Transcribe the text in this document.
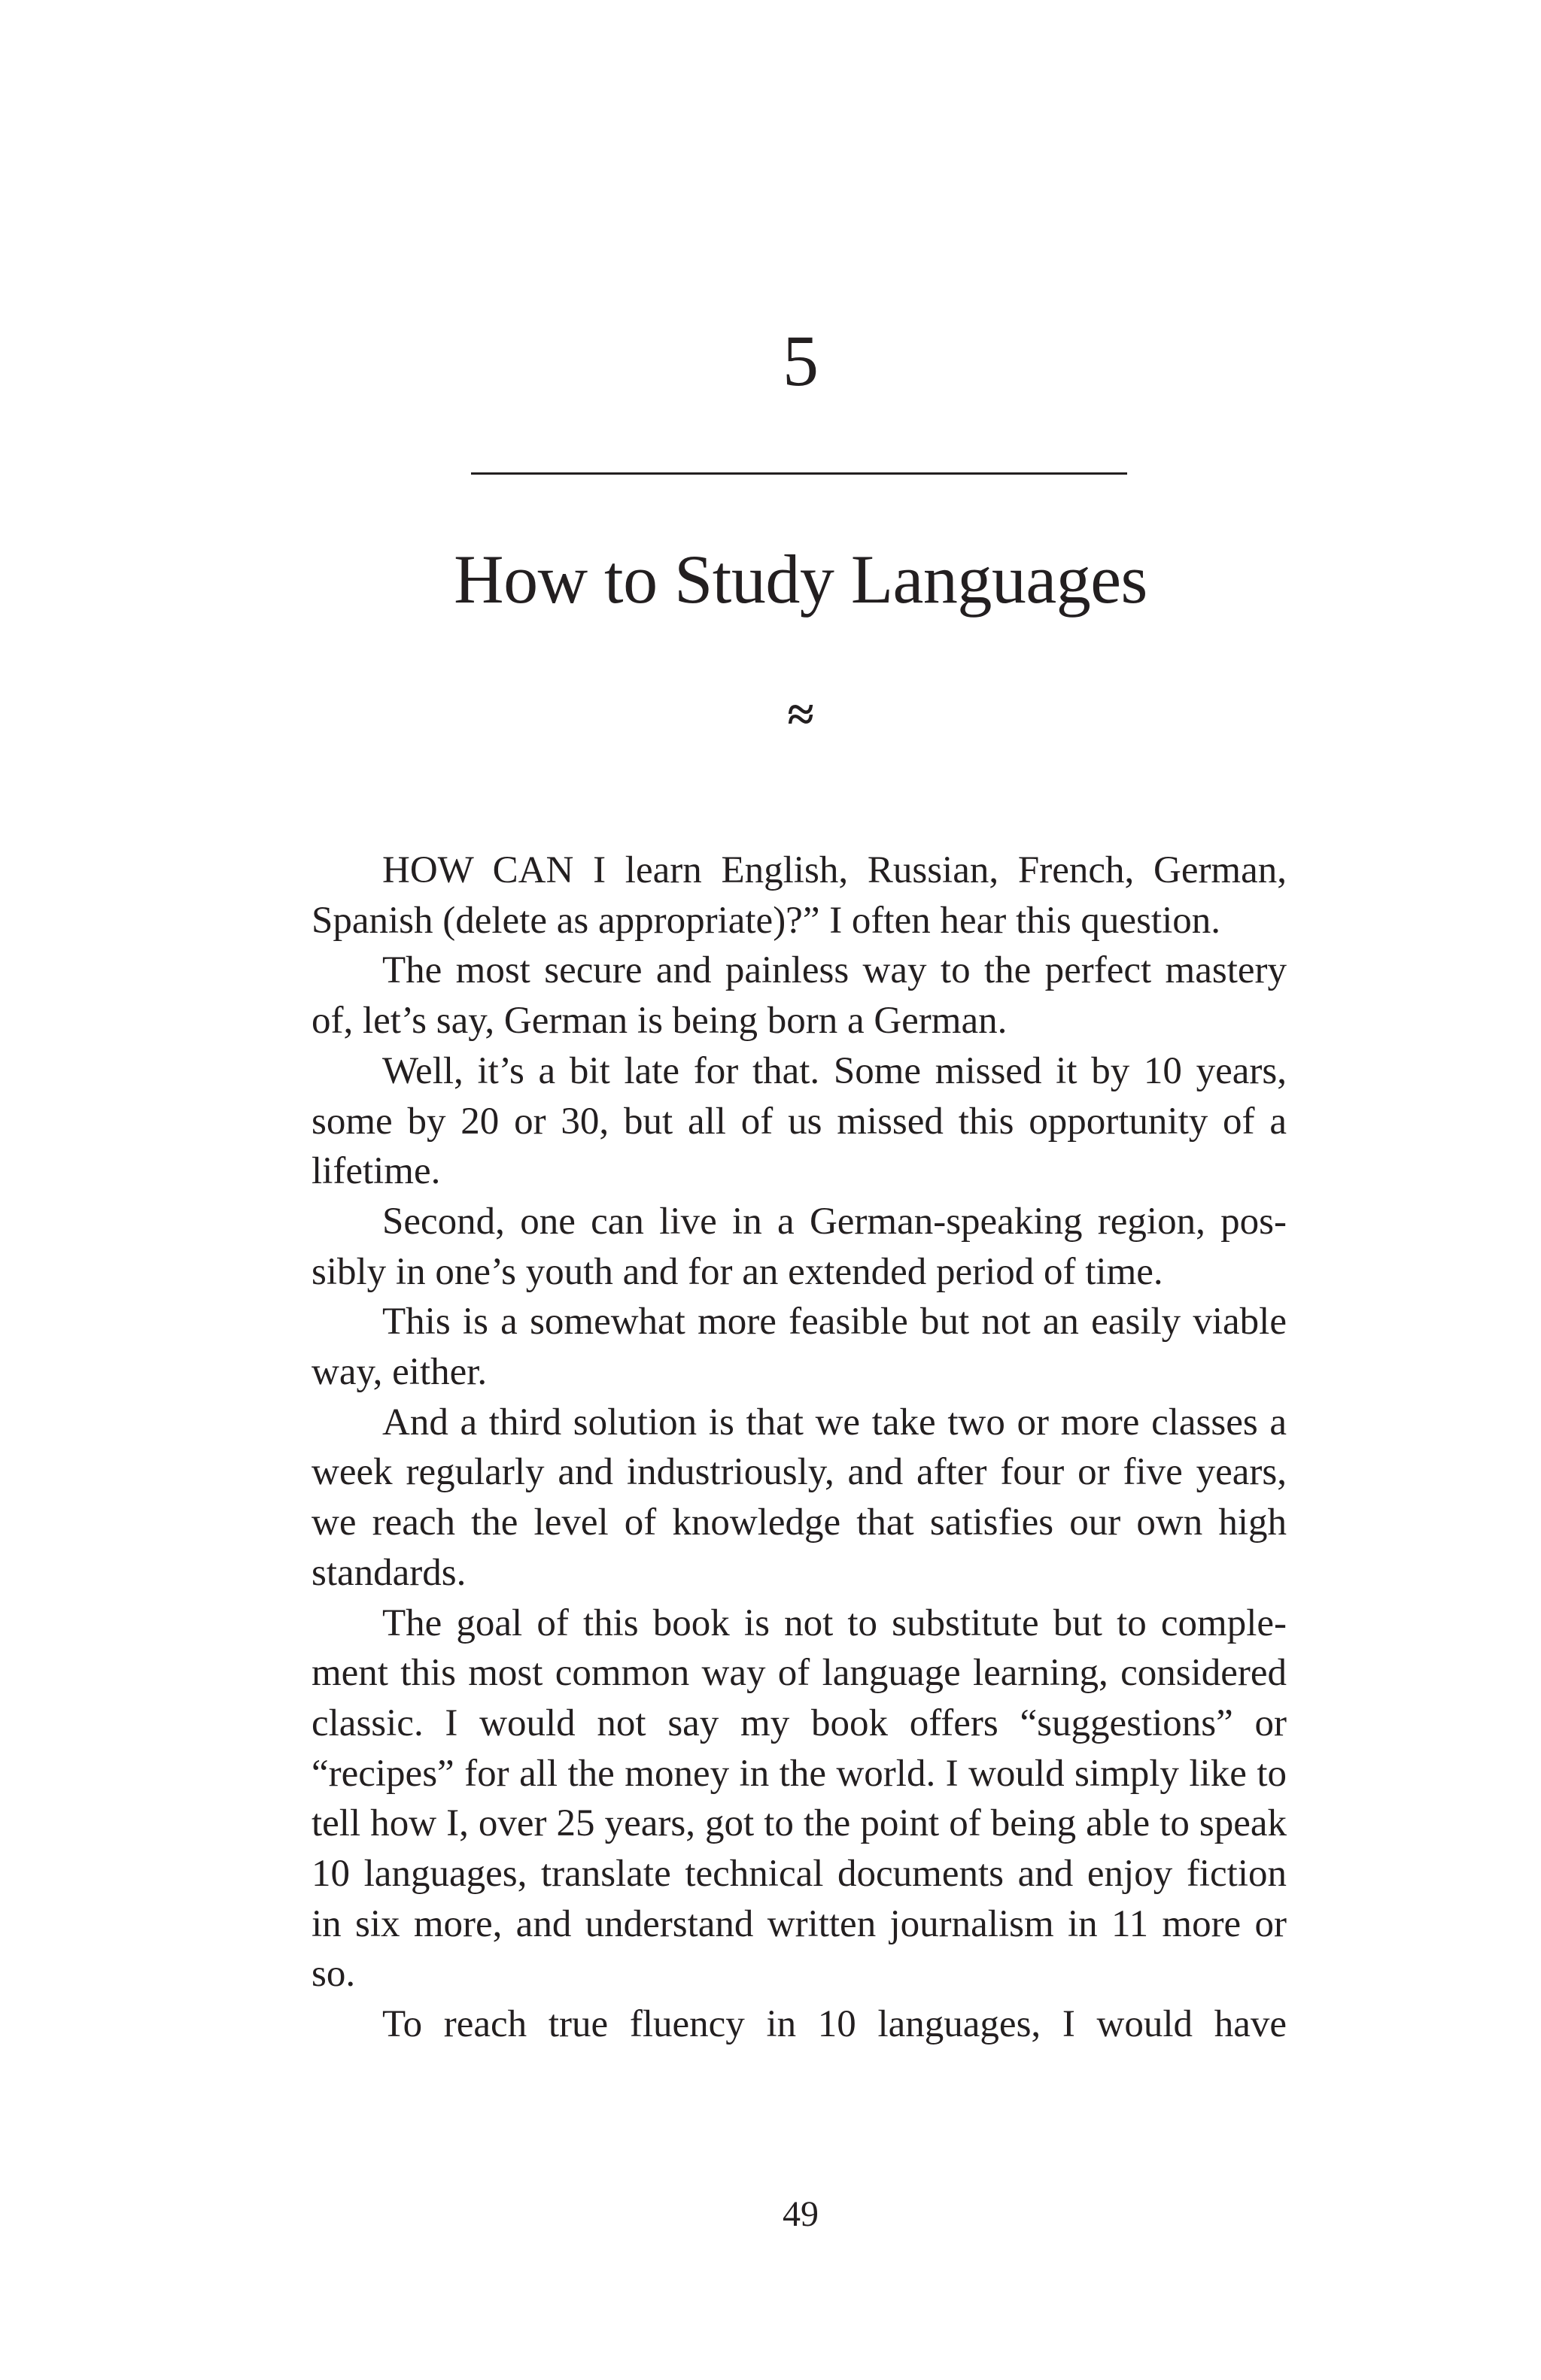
5
How to Study Languages
≈

HOW CAN I learn English, Russian, French, German, Spanish (delete as appropriate)?” I often hear this question.

The most secure and painless way to the perfect mastery of, let’s say, German is being born a German.

Well, it’s a bit late for that. Some missed it by 10 years, some by 20 or 30, but all of us missed this opportunity of a lifetime.

Second, one can live in a German-speaking region, possibly in one’s youth and for an extended period of time.

This is a somewhat more feasible but not an easily viable way, either.

And a third solution is that we take two or more classes a week regularly and industriously, and after four or five years, we reach the level of knowledge that satisfies our own high standards.

The goal of this book is not to substitute but to complement this most common way of language learning, considered classic. I would not say my book offers “suggestions” or “recipes” for all the money in the world. I would simply like to tell how I, over 25 years, got to the point of being able to speak 10 languages, translate technical documents and enjoy fiction in six more, and understand written journalism in 11 more or so.

To reach true fluency in 10 languages, I would have

49
